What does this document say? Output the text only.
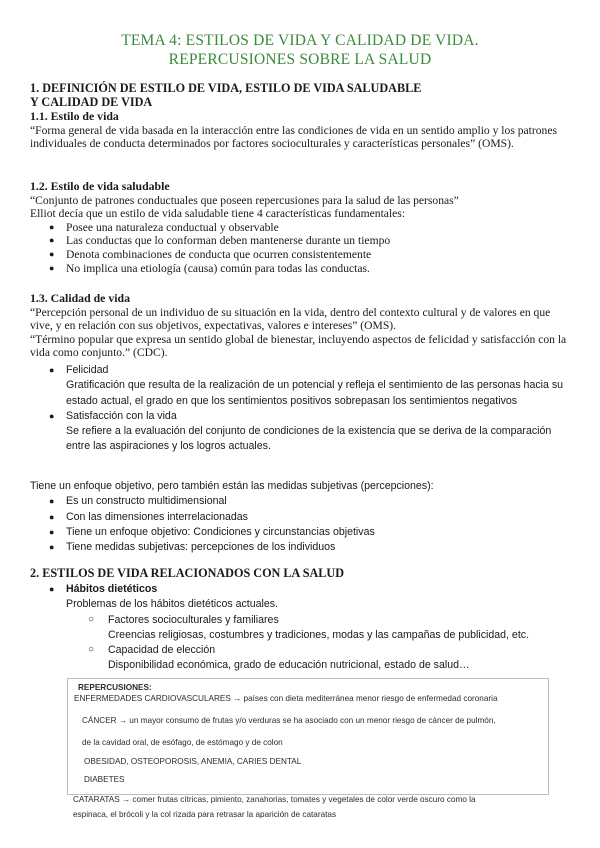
TEMA 4: ESTILOS DE VIDA Y CALIDAD DE VIDA.
REPERCUSIONES SOBRE LA SALUD
1. DEFINICIÓN DE ESTILO DE VIDA, ESTILO DE VIDA SALUDABLE
Y CALIDAD DE VIDA
1.1. Estilo de vida
“Forma general de vida basada en la interacción entre las condiciones de vida en un sentido amplio y los patrones individuales de conducta determinados por factores socioculturales y características personales” (OMS).
1.2. Estilo de vida saludable
“Conjunto de patrones conductuales que poseen repercusiones para la salud de las personas”
Elliot decía que un estilo de vida saludable tiene 4 características fundamentales:
● Posee una naturaleza conductual y observable
● Las conductas que lo conforman deben mantenerse durante un tiempo
● Denota combinaciones de conducta que ocurren consistentemente
● No implica una etiología (causa) común para todas las conductas.
1.3. Calidad de vida
“Percepción personal de un individuo de su situación en la vida, dentro del contexto cultural y de valores en que vive, y en relación con sus objetivos, expectativas, valores e intereses” (OMS).
“Término popular que expresa un sentido global de bienestar, incluyendo aspectos de felicidad y satisfacción con la vida como conjunto.” (CDC).
● Felicidad
Gratificación que resulta de la realización de un potencial y refleja el sentimiento de las personas hacia su estado actual, el grado en que los sentimientos positivos sobrepasan los sentimientos negativos
● Satisfacción con la vida
Se refiere a la evaluación del conjunto de condiciones de la existencia que se deriva de la comparación entre las aspiraciones y los logros actuales.
Tiene un enfoque objetivo, pero también están las medidas subjetivas (percepciones):
● Es un constructo multidimensional
● Con las dimensiones interrelacionadas
● Tiene un enfoque objetivo: Condiciones y circunstancias objetivas
● Tiene medidas subjetivas: percepciones de los individuos
2. ESTILOS DE VIDA RELACIONADOS CON LA SALUD
● Hábitos dietéticos
Problemas de los hábitos dietéticos actuales.
○ Factores socioculturales y familiares
Creencias religiosas, costumbres y tradiciones, modas y las campañas de publicidad, etc.
○ Capacidad de elección
Disponibilidad económica, grado de educación nutricional, estado de salud…
REPERCUSIONES:
ENFERMEDADES CARDIOVASCULARES → países con dieta mediterránea menor riesgo de enfermedad coronaria
CÁNCER → un mayor consumo de frutas y/o verduras se ha asociado con un menor riesgo de cáncer de pulmón,
de la cavidad oral, de esófago, de estómago y de colon
OBESIDAD, OSTEOPOROSIS, ANEMIA, CARIES DENTAL
DIABETES
CATARATAS → comer frutas cítricas, pimiento, zanahorias, tomates y vegetales de color verde oscuro como la
espinaca, el brócoli y la col rizada para retrasar la aparición de cataratas
